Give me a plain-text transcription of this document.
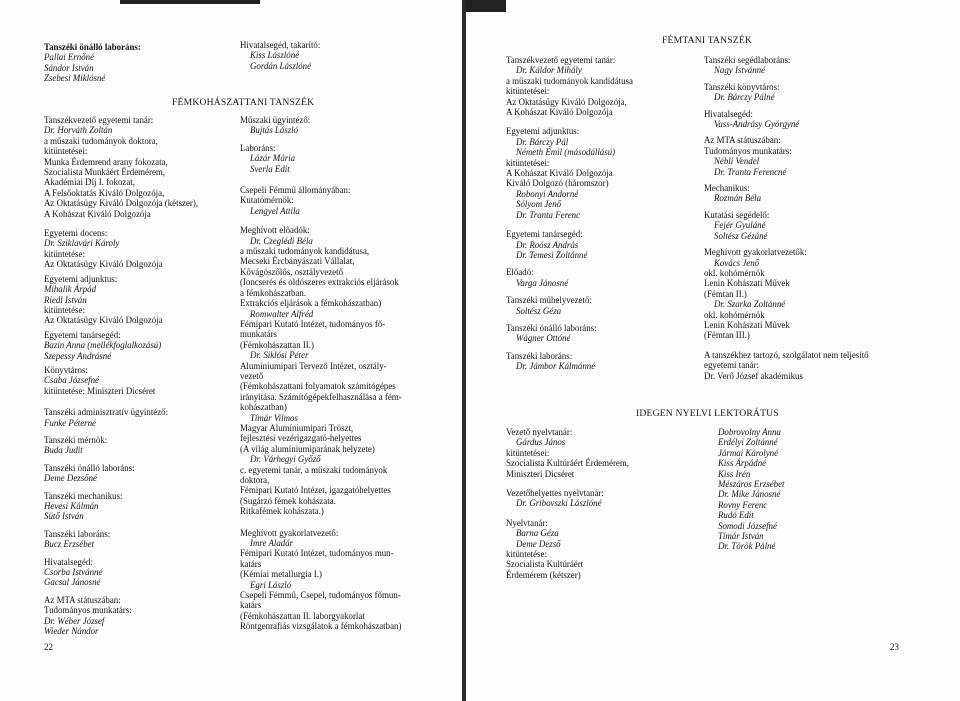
Tanszéki önálló laboráns:
Pallai Ernőné
Sándor István
Zsebesi Miklósné
Hivatalsegéd, takarító:
Kiss Lászlóné
Gordán Lászlóné
FÉMKOHÁSZATTANI TANSZÉK
Tanszékvezető egyetemi tanár:
Dr. Horváth Zoltán
a műszaki tudományok doktora,
kitüntetései:
Munka Érdemrend arany fokozata,
Szocialista Munkáért Érdemérem,
Akadémiai Díj I. fokozat,
A Felsőoktatás Kiváló Dolgozója,
Az Oktatásügy Kiváló Dolgozója (kétszer),
A Kohászat Kiváló Dolgozója
Egyetemi docens:
Dr. Sziklavári Károly
kitüntetése:
Az Oktatásügy Kiváló Dolgozója
Egyetemi adjunktus:
Mihalik Árpád
Riedl István
kitüntetése:
Az Oktatásügy Kiváló Dolgozója
Egyetemi tanársegéd:
Bazin Anna (mellékfoglalkozású)
Szepessy Andrásné
Könyvtáros:
Csaba Józsefné
kitüntetése: Miniszteri Dicséret
Tanszéki adminisztratív ügyintéző:
Funke Péterné
Tanszéki mérnök:
Buda Judit
Tanszéki önálló laboráns:
Deme Dezsőné
Tanszéki mechanikus:
Hevesi Kálmán
Sütő István
Tanszéki laboráns:
Bucz Erzsébet
Hivatalsegéd:
Csorba Istvánné
Gacsal Jánosné
Az MTA státuszában:
Tudományos munkatárs:
Dr. Wéber József
Wieder Nándor
Műszaki ügyintéző:
Bujtás László
Laboráns:
Lázár Mária
Sverla Edit
Csepeli Fémmű állományában:
Kutatómérnök:
Lengyel Attila
Meghívott előadók:
Dr. Czeglédi Béla
a műszaki tudományok kandidátusa,
Mecseki Ércbányászati Vállalat,
Kővágószőlős, osztályvezető
(Ioncserés és oldószeres extrakciós eljárások
a fémkohászatban.
Extrakciós eljárások a fémkohászatban)
Romwalter Alfréd
Fémipari Kutató Intézet, tudományos fő-
munkatárs
(Fémkohászattan II.)
Dr. Siklósi Péter
Alumíniumipari Tervező Intézet, osztály-
vezető
(Fémkohászattani folyamatok számítógépes
irányítása. Számítógépekfelhasználása a fém-
kohászatban)
Tímár Vilmos
Magyar Alumíniumipari Tröszt,
fejlesztési vezérigazgató-helyettes
(A világ alumíniumiparának helyzete)
Dr. Várhegyi Győző
c. egyetemi tanár, a műszaki tudományok
doktora,
Fémipari Kutató Intézet, igazgatóhelyettes
(Sugárzó fémek kohászata.
Ritkafémek kohászata.)
Meghívott gyakorlatvezető:
Imre Aladár
Fémipari Kutató Intézet, tudományos mun-
katárs
(Kémiai metallurgia I.)
Egri László
Csepeli Fémmű, Csepel, tudományos főmun-
katárs
(Fémkohászattan II. laborgyakorlat
Röntgenrafiás vizsgálatok a fémkohászatban)
22
FÉMTANI TANSZÉK
Tanszékvezető egyetemi tanár:
Dr. Káldor Mihály
a műszaki tudományok kandidátusa
kitüntetései:
Az Oktatásügy Kiváló Dolgozója,
A Kohászat Kiváló Dolgozója
Egyetemi adjunktus:
Dr. Bárczy Pál
Németh Emil (másodállású)
kitüntetései:
A Kohászat Kiváló Dolgozója
Kiváló Dolgozó (háromszor)
Robonyi Andorné
Sólyom Jenő
Dr. Tranta Ferenc
Egyetemi tanársegéd:
Dr. Roósz András
Dr. Temesi Zoltánné
Előadó:
Varga Jánosné
Tanszéki műhelyvezető:
Soltész Géza
Tanszéki önálló laboráns:
Wágner Ottóné
Tanszéki laboráns:
Dr. Jámbor Kálmánné
Tanszéki segédlaboráns:
Nagy Istvánné
Tanszéki könyvtáros:
Dr. Bárczy Pálné
Hivatalsegéd:
Vass-Andrásy Györgyné
Az MTA státuszában:
Tudományos munkatárs:
Nébli Vendel
Dr. Tranta Ferencné
Mechanikus:
Rozmán Béla
Kutatási segédelő:
Fejér Gyuláné
Soltész Gézáné
Meghívott gyakorlatvezetők:
Kovács Jenő
okl. kohómérnök
Lenin Kohászati Művek
(Fémtan II.)
Dr. Szarka Zoltánné
okl. kohómérnök
Lenin Kohászati Művek
(Fémtan III.)
A tanszékhez tartozó, szolgálatot nem teljesítő
egyetemi tanár:
Dr. Verő József akadémikus
IDEGEN NYELVI LEKTORÁTUS
Vezető nyelvtanár:
Gárdus János
kitüntetései:
Szocialista Kultúráért Érdemérem,
Miniszteri Dicséret
Vezetőhelyettes nyelvtanár:
Dr. Gribovszki Lászlóné
Nyelvtanár:
Barna Géza
Deme Dezső
kitüntetése:
Szocialista Kultúráért
Érdemérem (kétszer)
Dobrovolny Anna
Erdélyi Zoltánné
Jármai Károlyné
Kiss Árpádné
Kiss Irén
Mészáros Erzsébet
Dr. Mike Jánosné
Rovny Ferenc
Rudó Edit
Somodi Józsefné
Tímár István
Dr. Török Pálné
23
